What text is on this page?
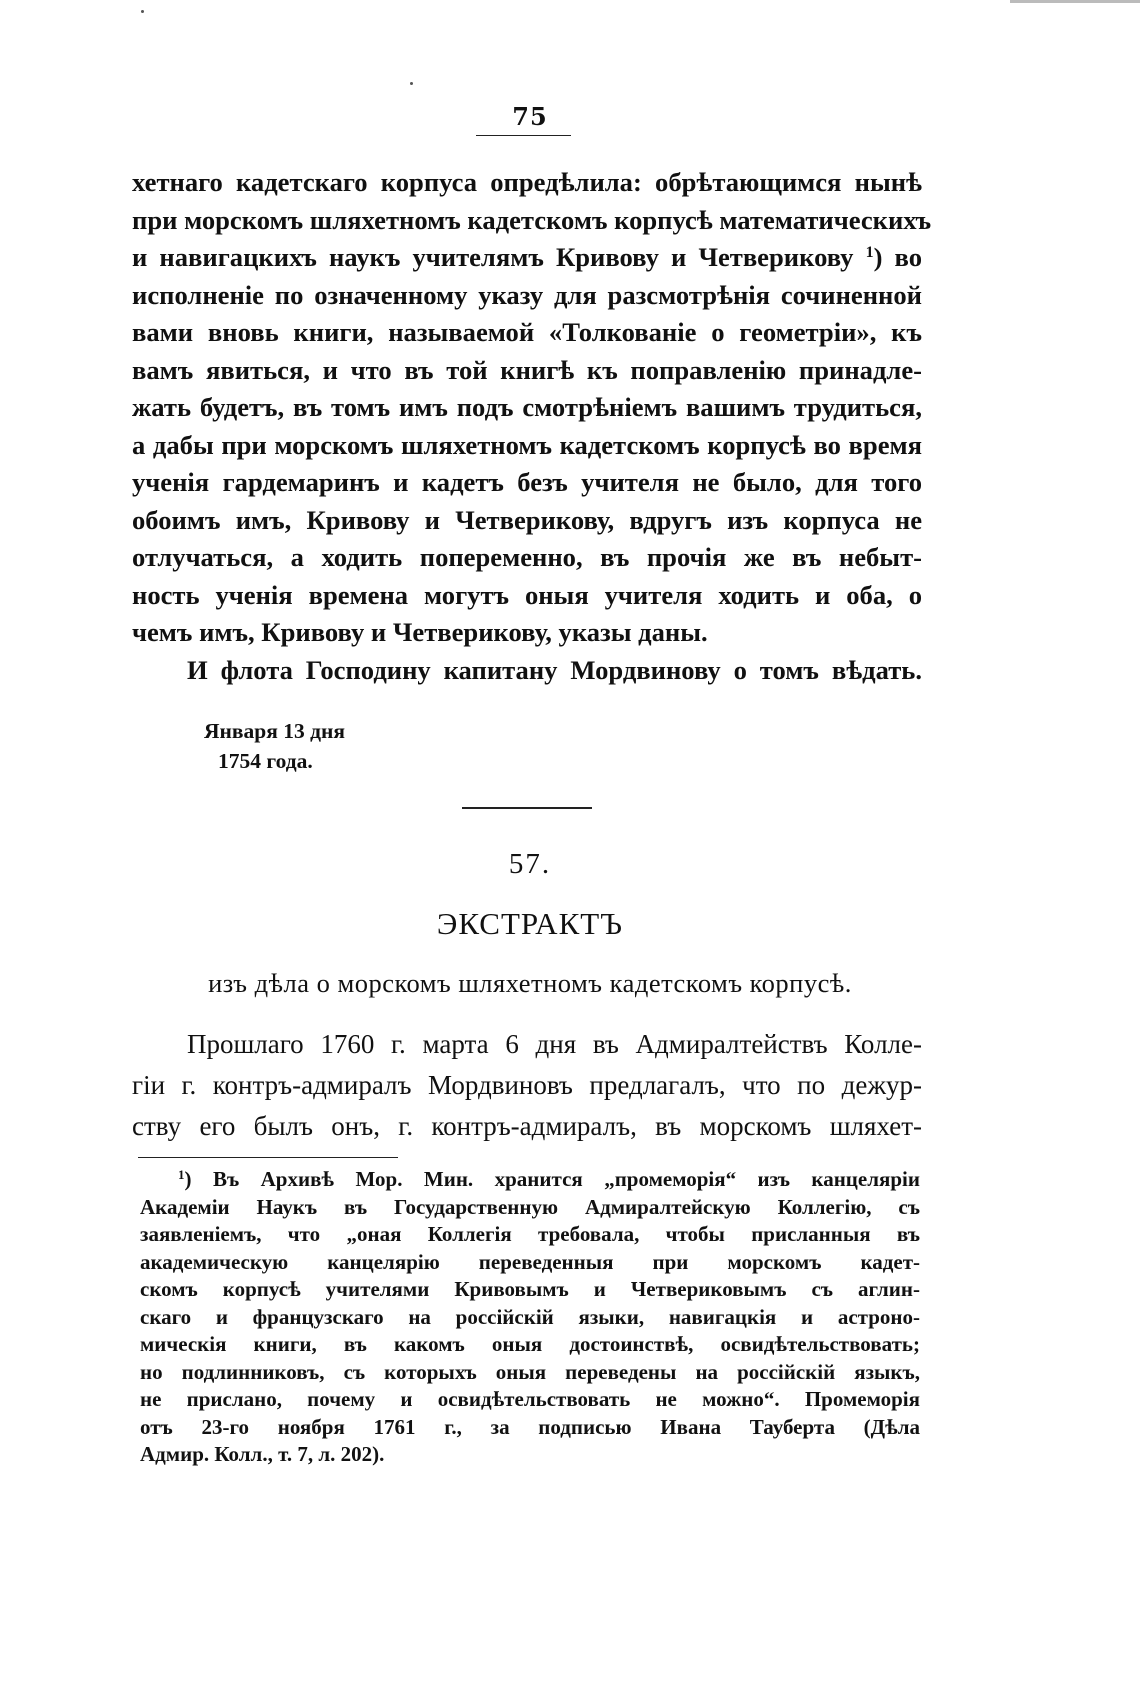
75
хетнаго кадетскаго корпуса опредѣлила: обрѣтающимся нынѣ
при морскомъ шляхетномъ кадетскомъ корпусѣ математическихъ
и навигацкихъ наукъ учителямъ Кривову и Четверикову $^1$) во
исполненіе по означенному указу для разсмотрѣнія сочиненной
вами вновь книги, называемой «Толкованіе о геометріи», къ
вамъ явиться, и что въ той книгѣ къ поправленію принадле-
жать будетъ, въ томъ имъ подъ смотрѣніемъ вашимъ трудиться,
а дабы при морскомъ шляхетномъ кадетскомъ корпусѣ во время
ученія гардемаринъ и кадетъ безъ учителя не было, для того
обоимъ имъ, Кривову и Четверикову, вдругъ изъ корпуса не
отлучаться, а ходить попеременно, въ прочія же въ небыт-
ность ученія времена могутъ оныя учителя ходить и оба, о
чемъ имъ, Кривову и Четверикову, указы даны.
И флота Господину капитану Мордвинову о томъ вѣдать.
Января 13 дня
1754 года.
57.
ЭКСТРАКТЪ
изъ дѣла о морскомъ шляхетномъ кадетскомъ корпусѣ.
Прошлаго 1760 г. марта 6 дня въ Адмиралтействъ Колле-
гіи г. контръ-адмиралъ Мордвиновъ предлагалъ, что по дежур-
ству его былъ онъ, г. контръ-адмиралъ, въ морскомъ шляхет-
$^1$) Въ Архивѣ Мор. Мин. хранится „промеморія“ изъ канцеляріи
Академіи Наукъ въ Государственную Адмиралтейскую Коллегію, съ
заявленіемъ, что „оная Коллегія требовала, чтобы присланныя въ
академическую канцелярію переведенныя при морскомъ кадет-
скомъ корпусѣ учителями Кривовымъ и Четвериковымъ съ аглин-
скаго и французскаго на россійскій языки, навигацкія и астроно-
мическія книги, въ какомъ оныя достоинствѣ, освидѣтельствовать;
но подлинниковъ, съ которыхъ оныя переведены на россійскій языкъ,
не прислано, почему и освидѣтельствовать не можно“. Промеморія
отъ 23-го ноября 1761 г., за подписью Ивана Тауберта (Дѣла
Адмир. Колл., т. 7, л. 202).
